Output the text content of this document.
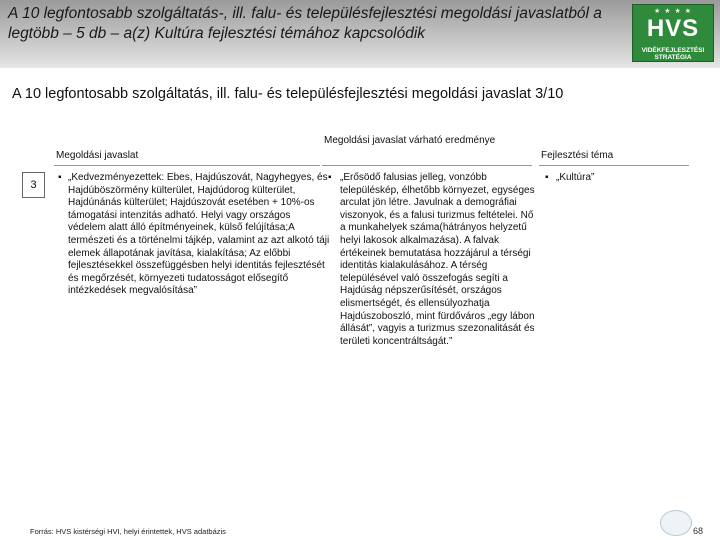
A 10 legfontosabb szolgáltatás-, ill. falu- és településfejlesztési megoldási javaslatból a legtöbb – 5 db – a(z) Kultúra fejlesztési témához kapcsolódik
★ ★ ★ ★
HVS
VIDÉKFEJLESZTÉSI STRATÉGIA
A 10 legfontosabb szolgáltatás, ill. falu- és településfejlesztési megoldási javaslat 3/10
Megoldási javaslat
Megoldási javaslat várható eredménye
Fejlesztési téma
3
▪ „Kedvezményezettek: Ebes, Hajdúszovát, Nagyhegyes, és Hajdúböszörmény külterület, Hajdúdorog külterület, Hajdúnánás külterület; Hajdúszovát esetében + 10%-os támogatási intenzitás adható. Helyi vagy országos védelem alatt álló építményeinek, külső felújítása;A természeti és a történelmi tájkép, valamint az azt alkotó táji elemek állapotának javítása, kialakítása; Az előbbi fejlesztésekkel összefüggésben helyi identitás fejlesztését és megőrzését, környezeti tudatosságot elősegítő intézkedések megvalósítása”
▪ „Erősödő falusias jelleg, vonzóbb településkép, élhetőbb környezet, egységes arculat jön létre. Javulnak a demográfiai viszonyok, és a falusi turizmus feltételei. Nő a munkahelyek száma(hátrányos helyzetű helyi lakosok alkalmazása). A falvak értékeinek bemutatása hozzájárul a térségi identitás kialakulásához. A térség településével való összefogás segíti a Hajdúság népszerűsítését, országos elismertségét, és ellensúlyozhatja Hajdúszoboszló, mint fürdőváros „egy lábon állását”, vagyis a turizmus szezonalitását és területi koncentráltságát.”
▪ „Kultúra”
Forrás: HVS kistérségi HVI, helyi érintettek, HVS adatbázis	68
